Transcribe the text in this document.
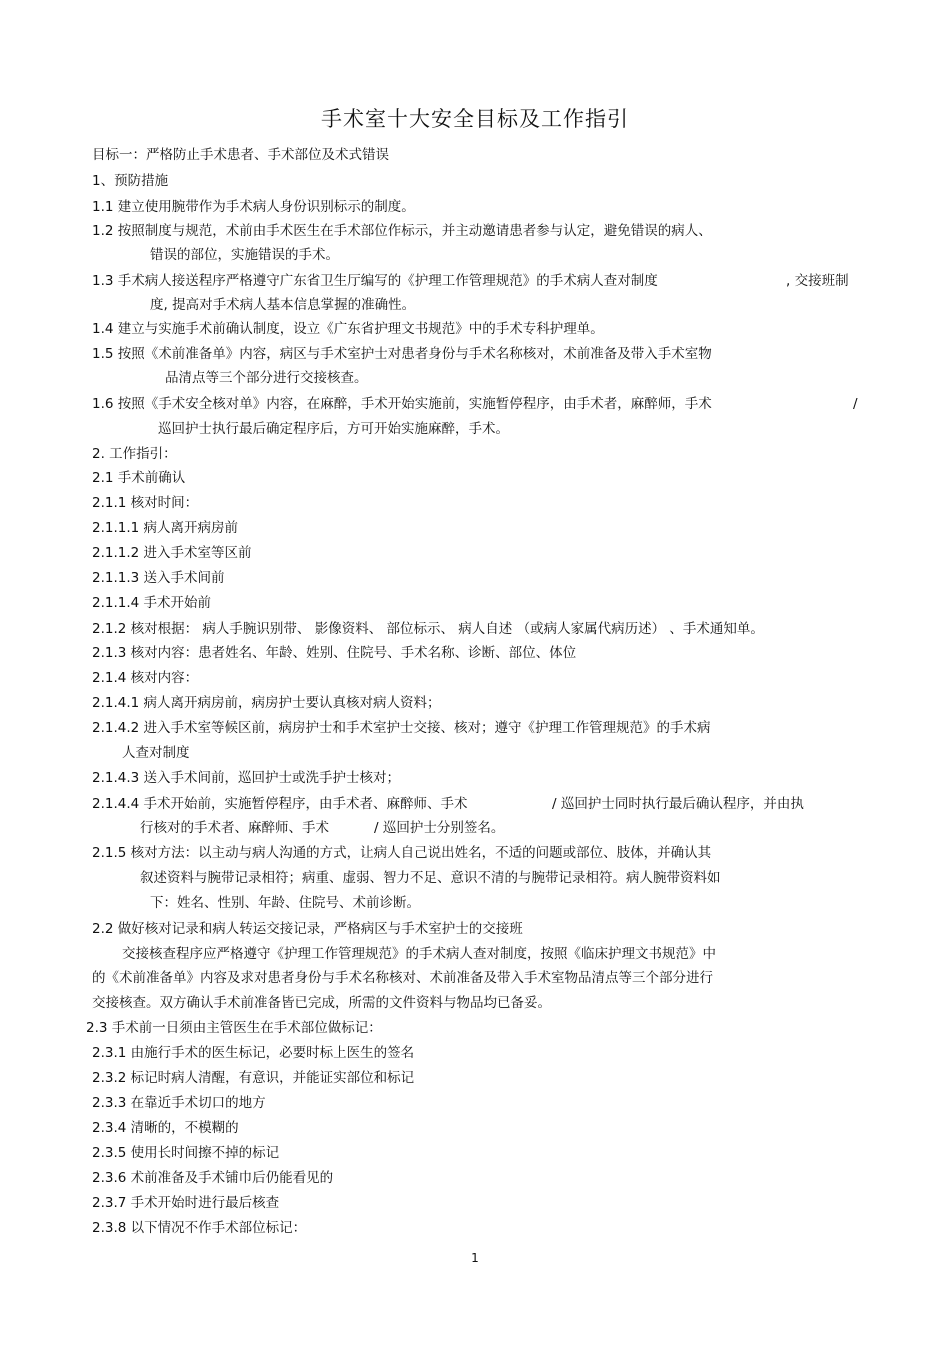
手术室十大安全目标及工作指引
目标一：严格防止手术患者、手术部位及术式错误
1、预防措施
1.1 建立使用腕带作为手术病人身份识别标示的制度。
1.2 按照制度与规范，术前由手术医生在手术部位作标示，并主动邀请患者参与认定，避免错误的病人、
错误的部位，实施错误的手术。
1.3 手术病人接送程序严格遵守广东省卫生厅编写的《护理工作管理规范》的手术病人查对制度	, 交接班制
度, 提高对手术病人基本信息掌握的准确性。
1.4 建立与实施手术前确认制度，设立《广东省护理文书规范》中的手术专科护理单。
1.5 按照《术前准备单》内容，病区与手术室护士对患者身份与手术名称核对，术前准备及带入手术室物
品清点等三个部分进行交接核查。
1.6 按照《手术安全核对单》内容，在麻醉，手术开始实施前，实施暂停程序，由手术者，麻醉师，手术	/
巡回护士执行最后确定程序后，方可开始实施麻醉，手术。
2. 工作指引：
2.1 手术前确认
2.1.1 核对时间：
2.1.1.1 病人离开病房前
2.1.1.2 进入手术室等区前
2.1.1.3 送入手术间前
2.1.1.4 手术开始前
2.1.2 核对根据： 病人手腕识别带、 影像资料、 部位标示、 病人自述 （或病人家属代病历述） 、手术通知单。
2.1.3 核对内容：患者姓名、年龄、姓别、住院号、手术名称、诊断、部位、体位
2.1.4 核对内容：
2.1.4.1 病人离开病房前，病房护士要认真核对病人资料；
2.1.4.2 进入手术室等候区前，病房护士和手术室护士交接、核对；遵守《护理工作管理规范》的手术病
人查对制度
2.1.4.3 送入手术间前，巡回护士或洗手护士核对；
2.1.4.4 手术开始前，实施暂停程序，由手术者、麻醉师、手术	/ 巡回护士同时执行最后确认程序，并由执
行核对的手术者、麻醉师、手术	/ 巡回护士分别签名。
2.1.5 核对方法：以主动与病人沟通的方式，让病人自己说出姓名，不适的问题或部位、肢体，并确认其
叙述资料与腕带记录相符；病重、虚弱、智力不足、意识不清的与腕带记录相符。病人腕带资料如
下：姓名、性别、年龄、住院号、术前诊断。
2.2 做好核对记录和病人转运交接记录，严格病区与手术室护士的交接班
交接核查程序应严格遵守《护理工作管理规范》的手术病人查对制度，按照《临床护理文书规范》中
的《术前准备单》内容及求对患者身份与手术名称核对、术前准备及带入手术室物品清点等三个部分进行
交接核查。双方确认手术前准备皆已完成，所需的文件资料与物品均已备妥。
2.3 手术前一日须由主管医生在手术部位做标记：
2.3.1 由施行手术的医生标记，必要时标上医生的签名
2.3.2 标记时病人清醒，有意识，并能证实部位和标记
2.3.3 在靠近手术切口的地方
2.3.4 清晰的，不模糊的
2.3.5 使用长时间擦不掉的标记
2.3.6 术前准备及手术铺巾后仍能看见的
2.3.7 手术开始时进行最后核查
2.3.8 以下情况不作手术部位标记：
1
